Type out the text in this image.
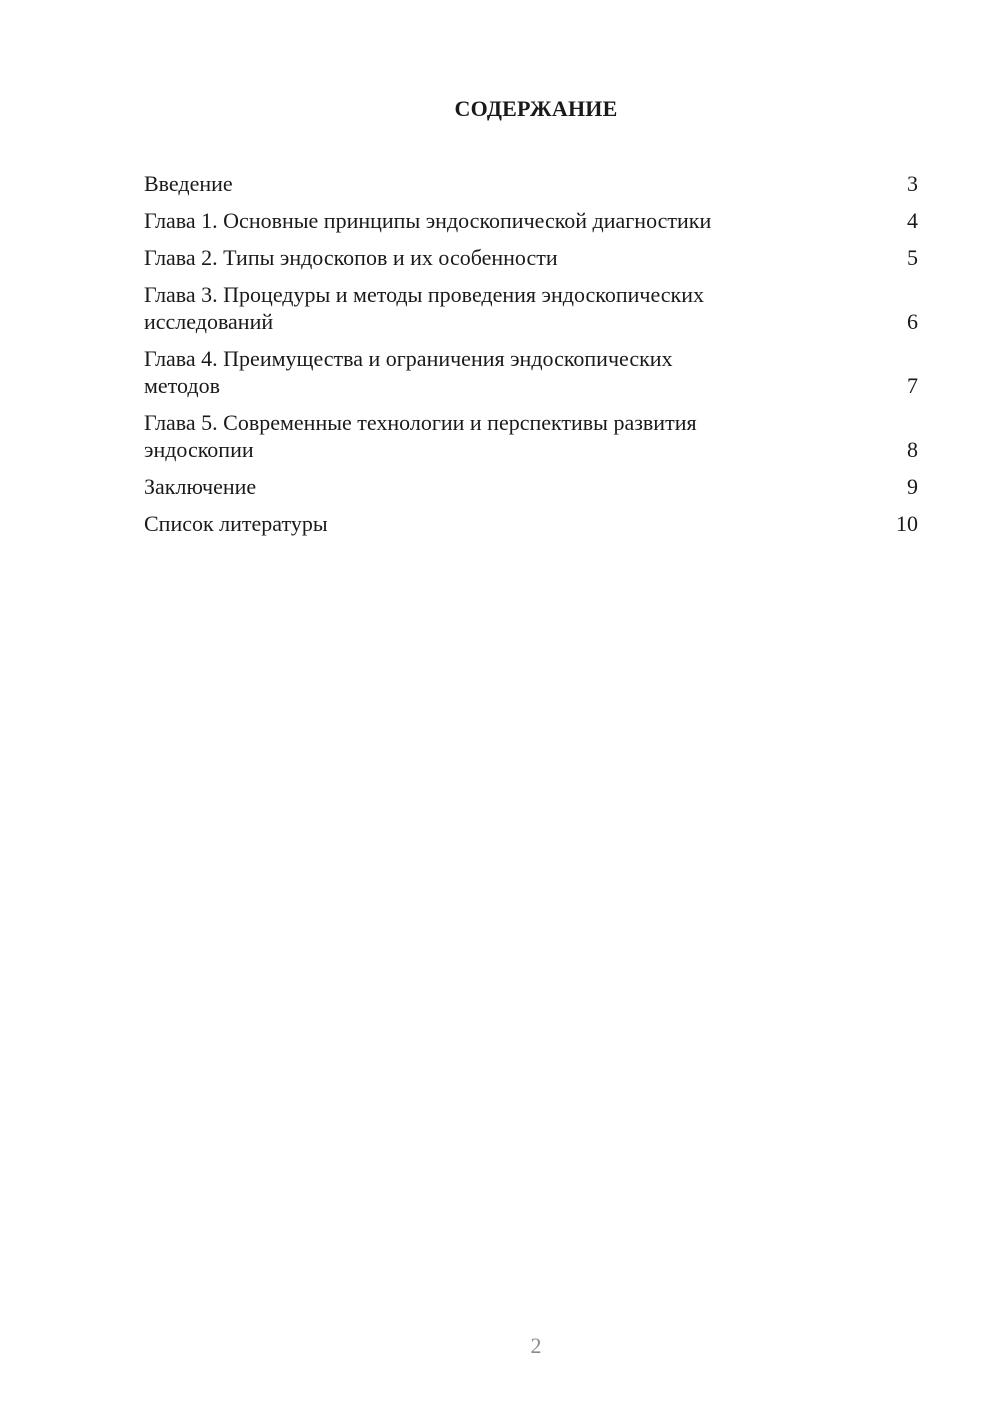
СОДЕРЖАНИЕ
Введение	3
Глава 1. Основные принципы эндоскопической диагностики	4
Глава 2. Типы эндоскопов и их особенности	5
Глава 3. Процедуры и методы проведения эндоскопических
исследований	6
Глава 4. Преимущества и ограничения эндоскопических
методов	7
Глава 5. Современные технологии и перспективы развития
эндоскопии	8
Заключение	9
Список литературы	10
2
